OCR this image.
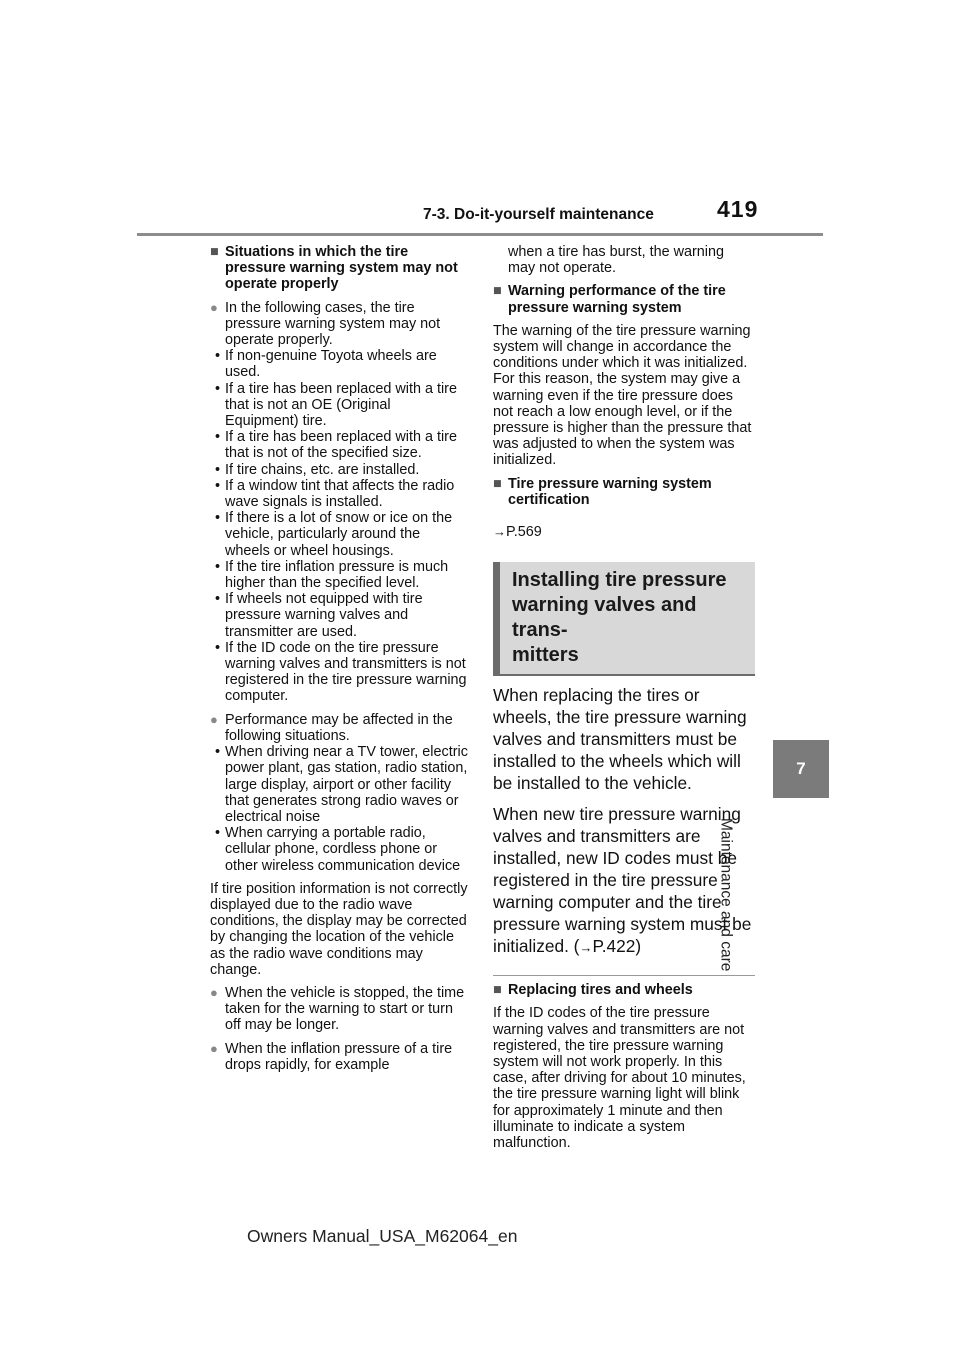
7-3. Do-it-yourself maintenance	419
7
Maintenance and care
■ Situations in which the tire pressure warning system may not operate properly
● In the following cases, the tire pressure warning system may not operate properly.
• If non-genuine Toyota wheels are used.
• If a tire has been replaced with a tire that is not an OE (Original Equipment) tire.
• If a tire has been replaced with a tire that is not of the specified size.
• If tire chains, etc. are installed.
• If a window tint that affects the radio wave signals is installed.
• If there is a lot of snow or ice on the vehicle, particularly around the wheels or wheel housings.
• If the tire inflation pressure is much higher than the specified level.
• If wheels not equipped with tire pressure warning valves and transmitter are used.
• If the ID code on the tire pressure warning valves and transmitters is not registered in the tire pressure warning computer.
● Performance may be affected in the following situations.
• When driving near a TV tower, electric power plant, gas station, radio station, large display, airport or other facility that generates strong radio waves or electrical noise
• When carrying a portable radio, cellular phone, cordless phone or other wireless communication device

If tire position information is not correctly displayed due to the radio wave conditions, the display may be corrected by changing the location of the vehicle as the radio wave conditions may change.

● When the vehicle is stopped, the time taken for the warning to start or turn off may be longer.
● When the inflation pressure of a tire drops rapidly, for example

when a tire has burst, the warning may not operate.

■ Warning performance of the tire pressure warning system

The warning of the tire pressure warning system will change in accordance the conditions under which it was initialized. For this reason, the system may give a warning even if the tire pressure does not reach a low enough level, or if the pressure is higher than the pressure that was adjusted to when the system was initialized.

■ Tire pressure warning system certification
→P.569
Installing tire pressure
warning valves and trans-
mitters

When replacing the tires or wheels, the tire pressure warning valves and transmitters must be installed to the wheels which will be installed to the vehicle.

When new tire pressure warning valves and transmitters are installed, new ID codes must be registered in the tire pressure warning computer and the tire pressure warning system must be initialized. (→P.422)

■ Replacing tires and wheels

If the ID codes of the tire pressure warning valves and transmitters are not registered, the tire pressure warning system will not work properly. In this case, after driving for about 10 minutes, the tire pressure warning light will blink for approximately 1 minute and then illuminate to indicate a system malfunction.

Owners Manual_USA_M62064_en
